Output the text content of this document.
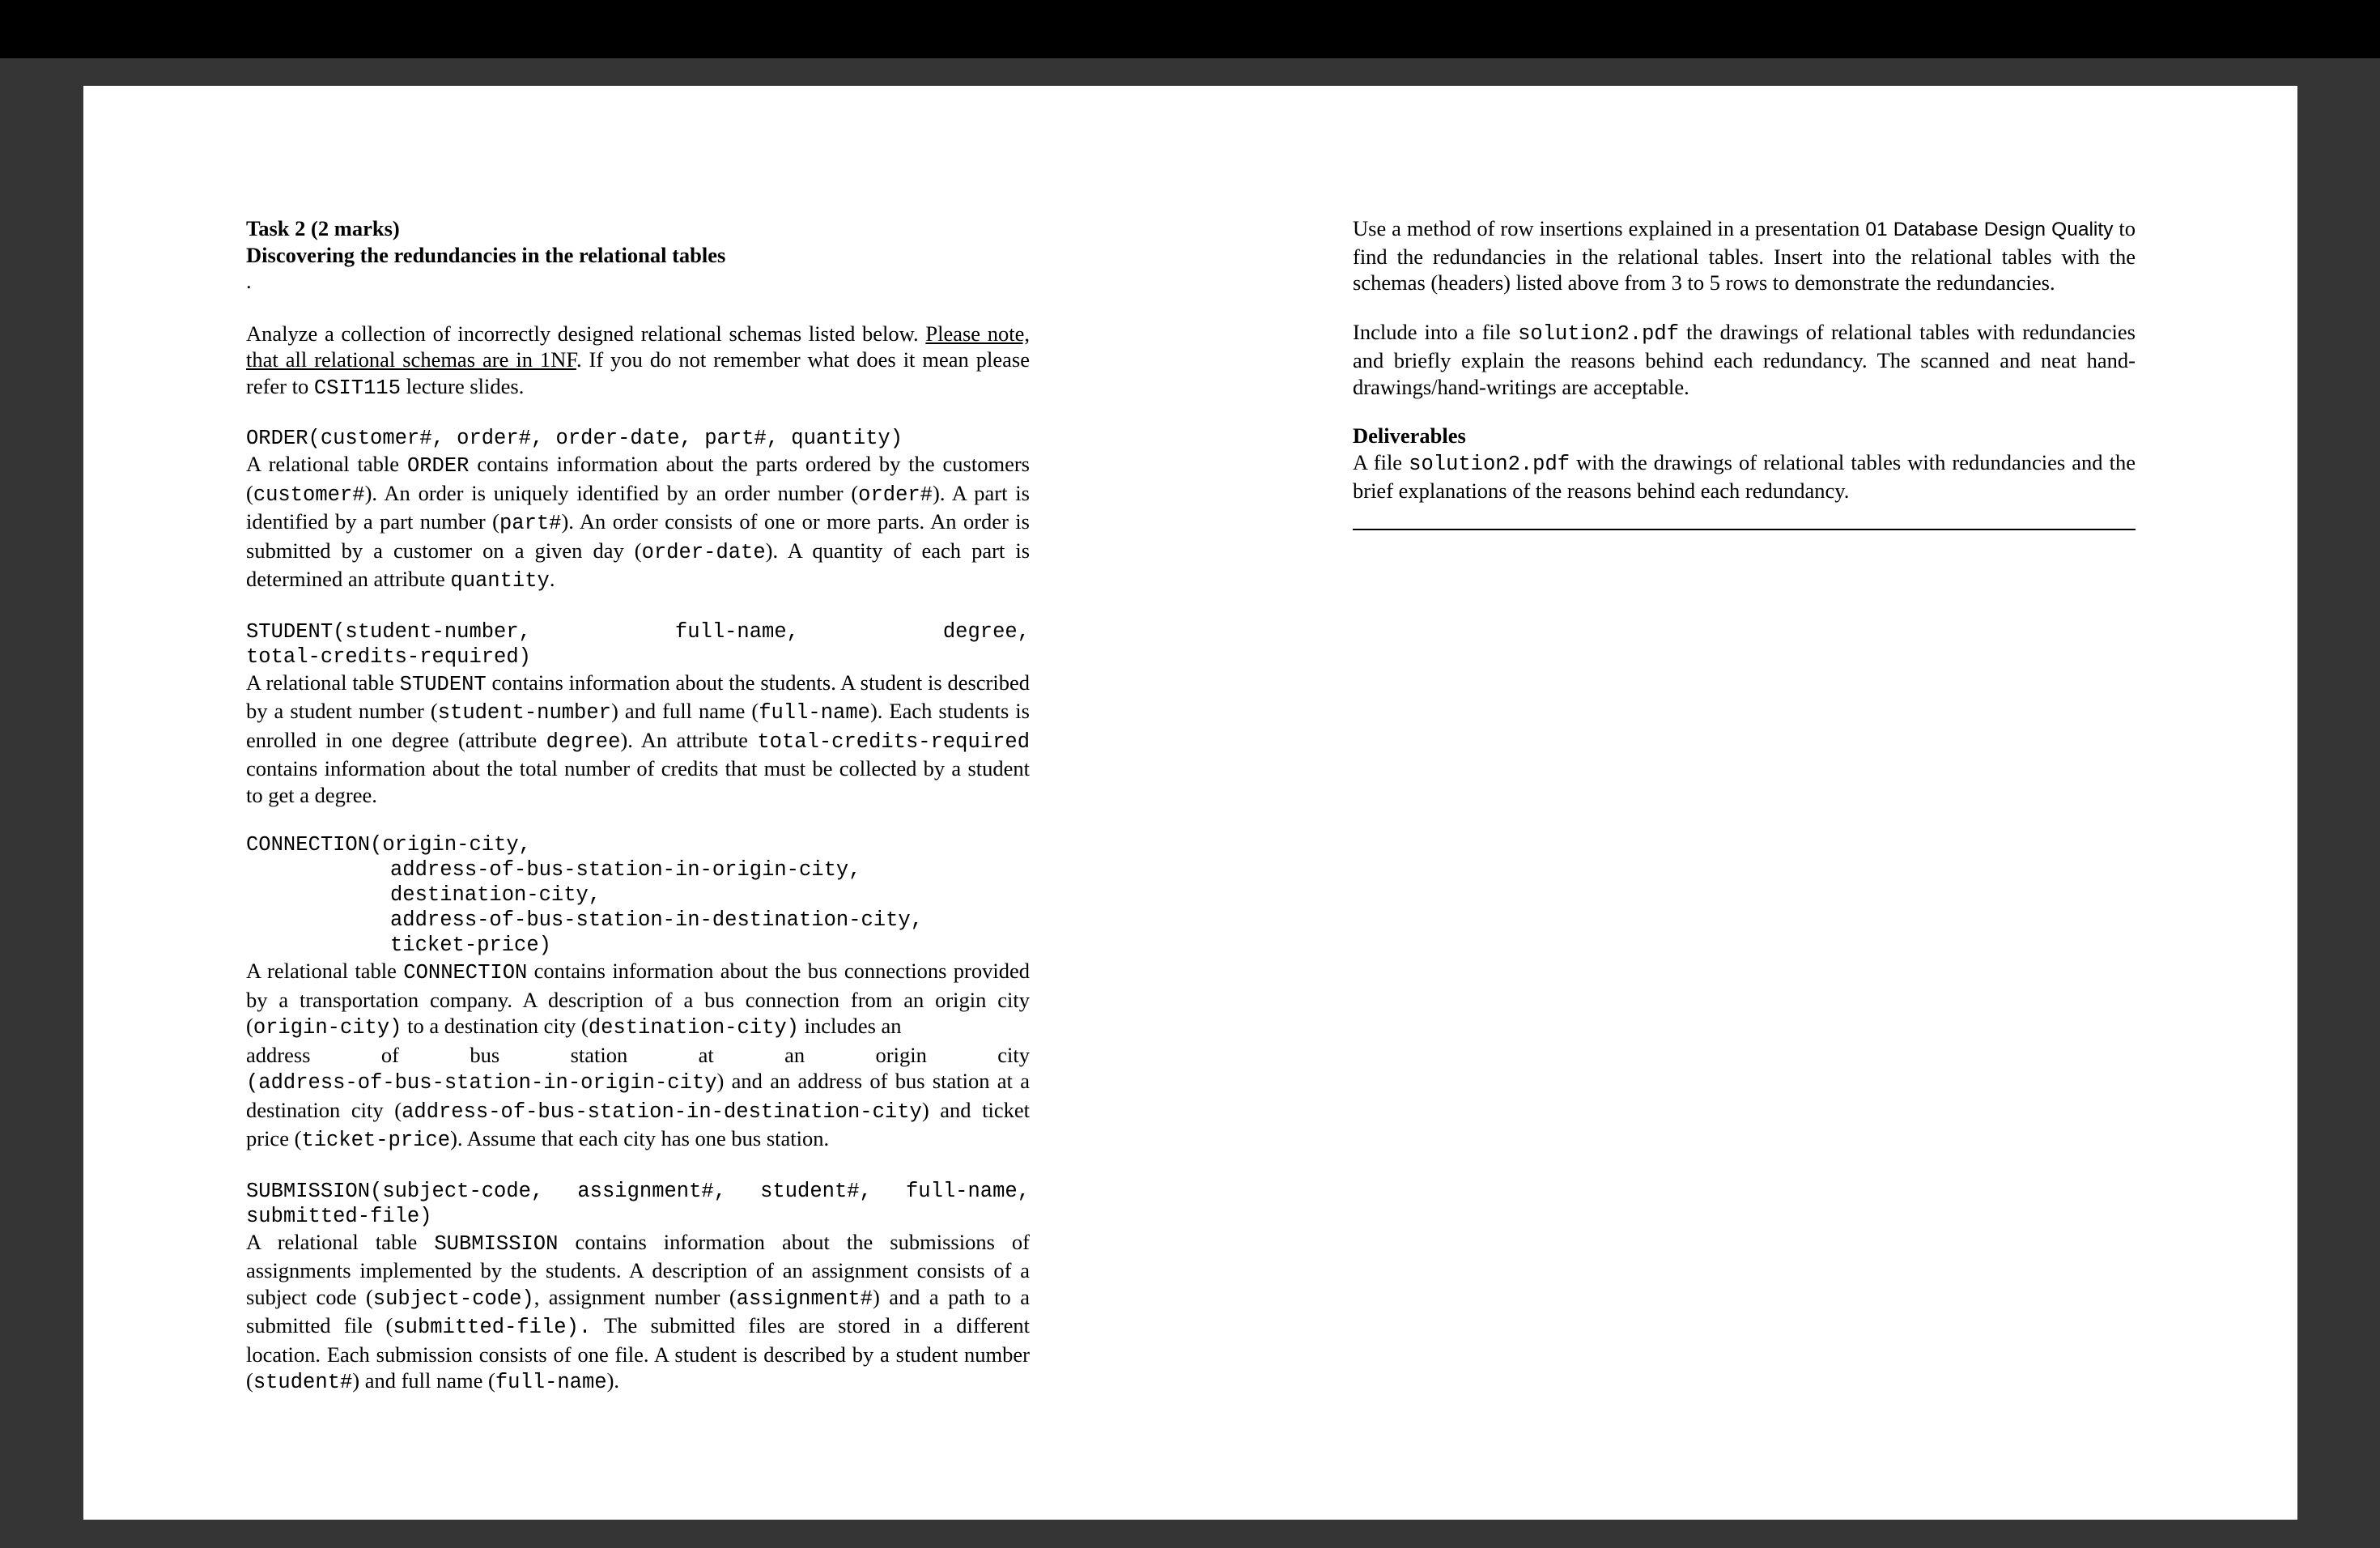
Task 2 (2 marks)

Discovering the redundancies in the relational tables

.

Analyze a collection of incorrectly designed relational schemas listed below. Please note, that all relational schemas are in 1NF. If you do not remember what does it mean please refer to CSIT115 lecture slides.

ORDER(customer#, order#, order-date, part#, quantity)

A relational table ORDER contains information about the parts ordered by the customers (customer#). An order is uniquely identified by an order number (order#). A part is identified by a part number (part#). An order consists of one or more parts. An order is submitted by a customer on a given day (order-date). A quantity of each part is determined an attribute quantity.

STUDENT(student-number,	full-name,	degree,
total-credits-required)

A relational table STUDENT contains information about the students. A student is described by a student number (student-number) and full name (full-name). Each students is enrolled in one degree (attribute degree). An attribute total-credits-required contains information about the total number of credits that must be collected by a student to get a degree.

CONNECTION(origin-city,
address-of-bus-station-in-origin-city,
destination-city,
address-of-bus-station-in-destination-city,
ticket-price)

A relational table CONNECTION contains information about the bus connections provided by a transportation company. A description of a bus connection from an origin city (origin-city) to a destination city (destination-city) includes an

address	of	bus	station	at	an	origin	city

(address-of-bus-station-in-origin-city) and an address of bus station at a destination city (address-of-bus-station-in-destination-city) and ticket price (ticket-price). Assume that each city has one bus station.

SUBMISSION(subject-code, assignment#, student#, full-name,
submitted-file)

A relational table SUBMISSION contains information about the submissions of assignments implemented by the students. A description of an assignment consists of a subject code (subject-code), assignment number (assignment#) and a path to a submitted file (submitted-file). The submitted files are stored in a different location. Each submission consists of one file. A student is described by a student number (student#) and full name (full-name).

Use a method of row insertions explained in a presentation 01 Database Design Quality to find the redundancies in the relational tables. Insert into the relational tables with the schemas (headers) listed above from 3 to 5 rows to demonstrate the redundancies.

Include into a file solution2.pdf the drawings of relational tables with redundancies and briefly explain the reasons behind each redundancy. The scanned and neat hand-drawings/hand-writings are acceptable.

Deliverables

A file solution2.pdf with the drawings of relational tables with redundancies and the brief explanations of the reasons behind each redundancy.
